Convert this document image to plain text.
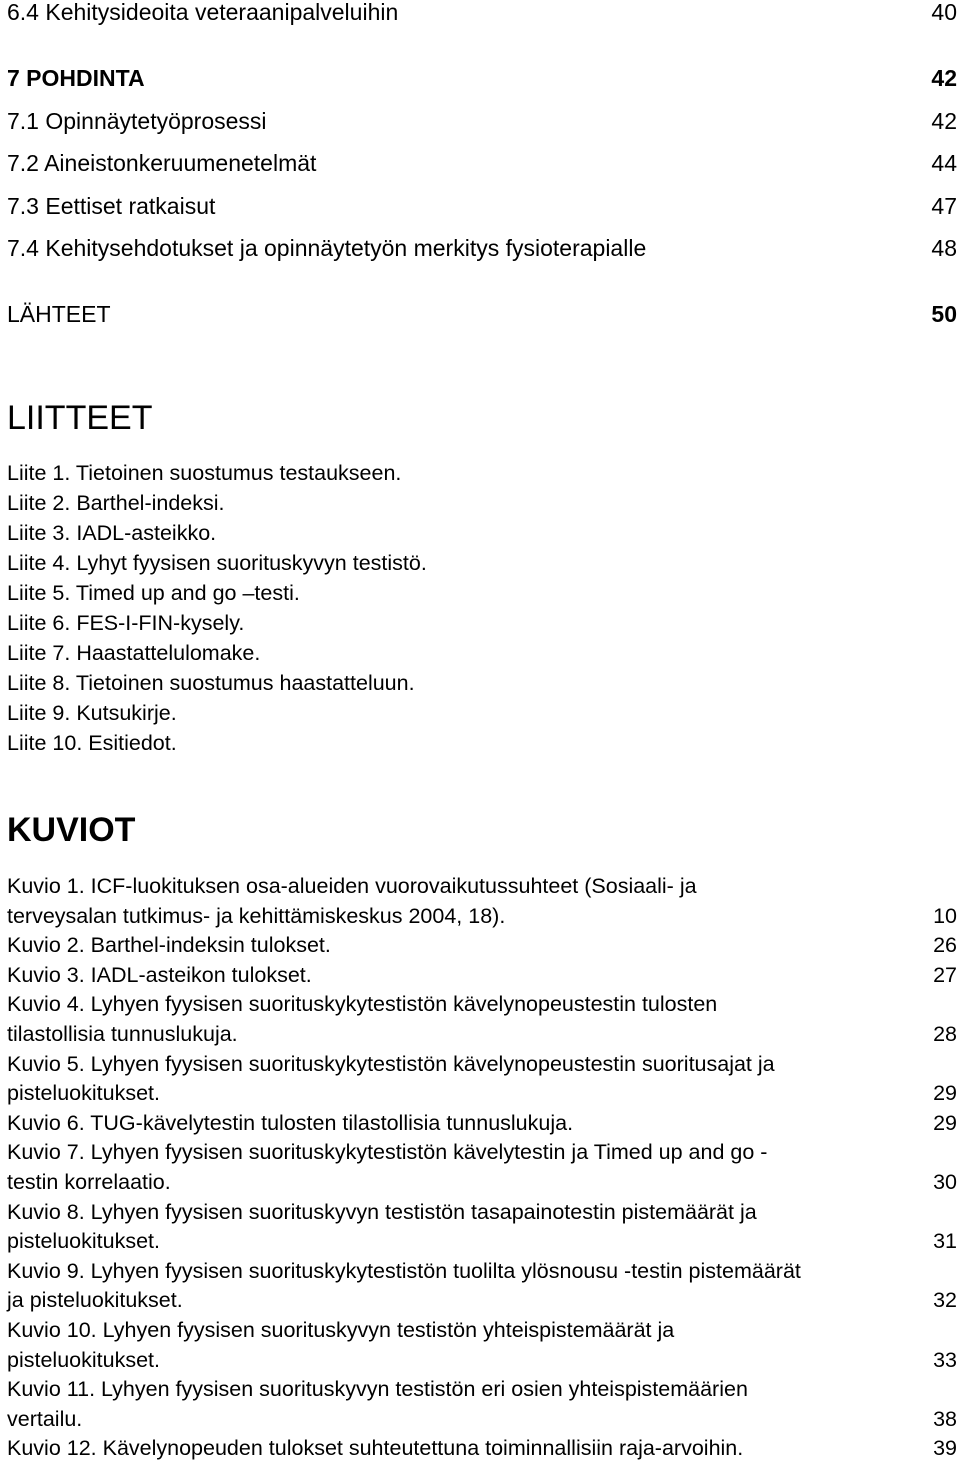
6.4 Kehitysideoita veteraanipalveluihin	40
7 POHDINTA	42
7.1 Opinnäytetyöprosessi	42
7.2 Aineistonkeruumenetelmät	44
7.3 Eettiset ratkaisut	47
7.4 Kehitysehdotukset ja opinnäytetyön merkitys fysioterapialle	48
LÄHTEET	50
LIITTEET
Liite 1. Tietoinen suostumus testaukseen.
Liite 2. Barthel-indeksi.
Liite 3. IADL-asteikko.
Liite 4. Lyhyt fyysisen suorituskyvyn testistö.
Liite 5. Timed up and go –testi.
Liite 6. FES-I-FIN-kysely.
Liite 7. Haastattelulomake.
Liite 8. Tietoinen suostumus haastatteluun.
Liite 9. Kutsukirje.
Liite 10. Esitiedot.
KUVIOT
Kuvio 1. ICF-luokituksen osa-alueiden vuorovaikutussuhteet (Sosiaali- ja
terveysalan tutkimus- ja kehittämiskeskus 2004, 18).	10
Kuvio 2. Barthel-indeksin tulokset.	26
Kuvio 3. IADL-asteikon tulokset.	27
Kuvio 4. Lyhyen fyysisen suorituskykytestistön kävelynopeustestin tulosten
tilastollisia tunnuslukuja.	28
Kuvio 5. Lyhyen fyysisen suorituskykytestistön kävelynopeustestin suoritusajat ja
pisteluokitukset.	29
Kuvio 6. TUG-kävelytestin tulosten tilastollisia tunnuslukuja.	29
Kuvio 7. Lyhyen fyysisen suorituskykytestistön kävelytestin ja Timed up and go -
testin korrelaatio.	30
Kuvio 8. Lyhyen fyysisen suorituskyvyn testistön tasapainotestin pistemäärät ja
pisteluokitukset.	31
Kuvio 9. Lyhyen fyysisen suorituskykytestistön tuolilta ylösnousu -testin pistemäärät
ja pisteluokitukset.	32
Kuvio 10. Lyhyen fyysisen suorituskyvyn testistön yhteispistemäärät ja
pisteluokitukset.	33
Kuvio 11. Lyhyen fyysisen suorituskyvyn testistön eri osien yhteispistemäärien
vertailu.	38
Kuvio 12. Kävelynopeuden tulokset suhteutettuna toiminnallisiin raja-arvoihin.	39
